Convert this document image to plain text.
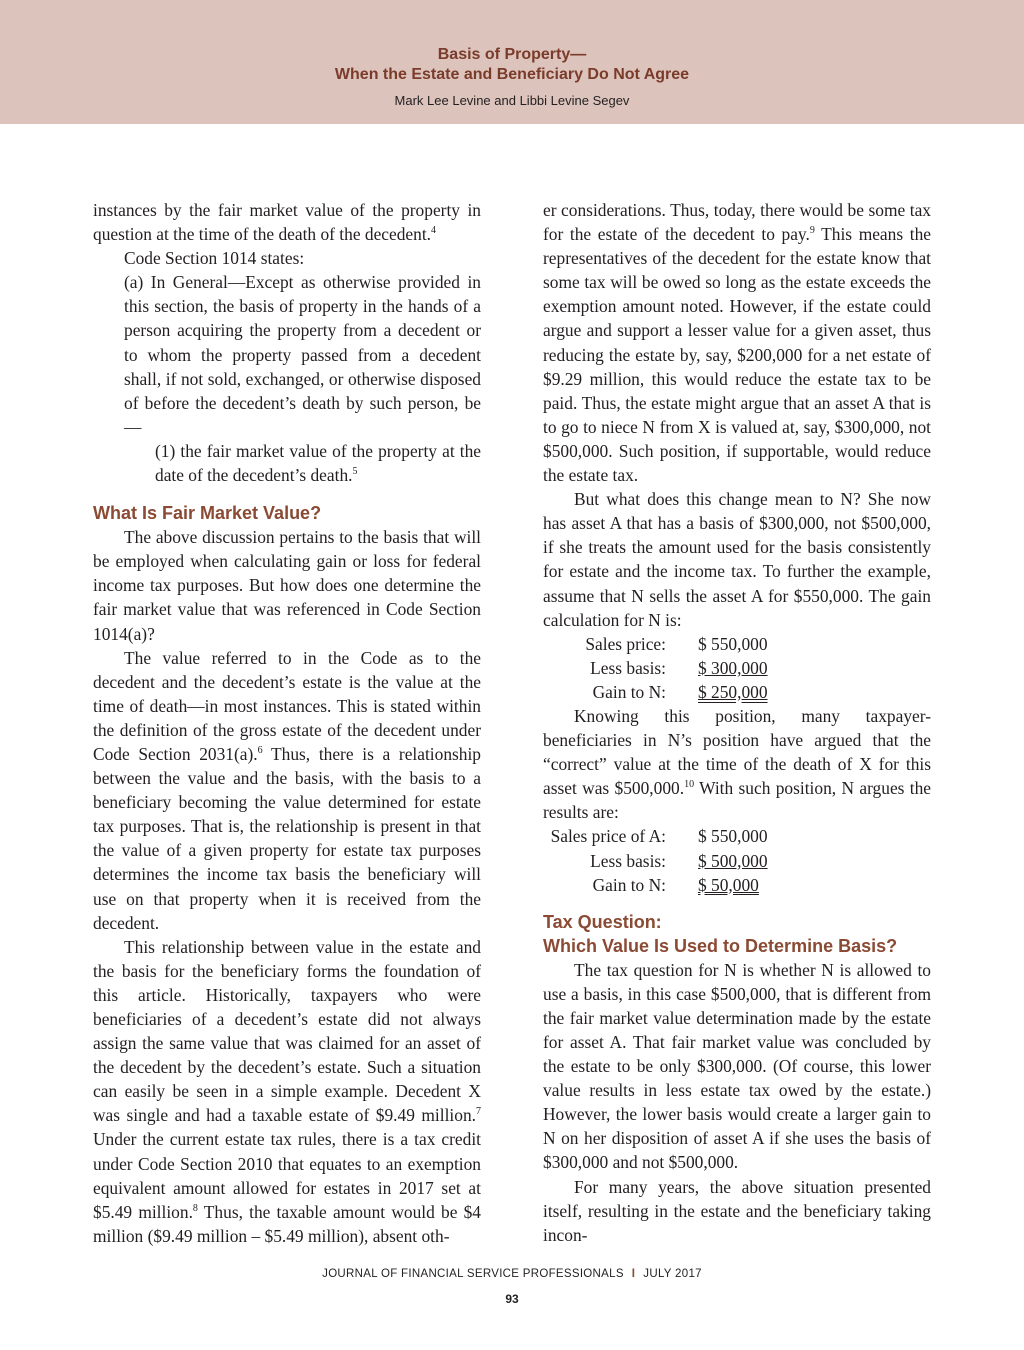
Basis of Property—
When the Estate and Beneficiary Do Not Agree
Mark Lee Levine and Libbi Levine Segev

instances by the fair market value of the property in question at the time of the death of the decedent.$^4$

Code Section 1014 states:

(a) In General—Except as otherwise provided in this section, the basis of property in the hands of a person acquiring the property from a decedent or to whom the property passed from a decedent shall, if not sold, exchanged, or otherwise disposed of before the decedent’s death by such person, be—

(1) the fair market value of the property at the date of the decedent’s death.$^5$

What Is Fair Market Value?

The above discussion pertains to the basis that will be employed when calculating gain or loss for federal income tax purposes. But how does one determine the fair market value that was referenced in Code Section 1014(a)?

The value referred to in the Code as to the decedent and the decedent’s estate is the value at the time of death—in most instances. This is stated within the definition of the gross estate of the decedent under Code Section 2031(a).$^6$ Thus, there is a relationship between the value and the basis, with the basis to a beneficiary becoming the value determined for estate tax purposes. That is, the relationship is present in that the value of a given property for estate tax purposes determines the income tax basis the beneficiary will use on that property when it is received from the decedent.

This relationship between value in the estate and the basis for the beneficiary forms the foundation of this article. Historically, taxpayers who were beneficiaries of a decedent’s estate did not always assign the same value that was claimed for an asset of the decedent by the decedent’s estate. Such a situation can easily be seen in a simple example. Decedent X was single and had a taxable estate of $9.49 million.$^7$ Under the current estate tax rules, there is a tax credit under Code Section 2010 that equates to an exemption equivalent amount allowed for estates in 2017 set at $5.49 million.$^8$ Thus, the taxable amount would be $4 million ($9.49 million – $5.49 million), absent oth-

er considerations. Thus, today, there would be some tax for the estate of the decedent to pay.$^9$ This means the representatives of the decedent for the estate know that some tax will be owed so long as the estate exceeds the exemption amount noted. However, if the estate could argue and support a lesser value for a given asset, thus reducing the estate by, say, $200,000 for a net estate of $9.29 million, this would reduce the estate tax to be paid. Thus, the estate might argue that an asset A that is to go to niece N from X is valued at, say, $300,000, not $500,000. Such position, if supportable, would reduce the estate tax.

But what does this change mean to N? She now has asset A that has a basis of $300,000, not $500,000, if she treats the amount used for the basis consistently for estate and the income tax. To further the example, assume that N sells the asset A for $550,000. The gain calculation for N is:

Sales price:	$ 550,000
Less basis:	$ 300,000
Gain to N:	$ 250,000

Knowing this position, many taxpayer-beneficiaries in N’s position have argued that the “correct” value at the time of the death of X for this asset was $500,000.10 With such position, N argues the results are:

Sales price of A:	$ 550,000
Less basis:	$ 500,000
Gain to N:	$ 50,000
Tax Question:
Which Value Is Used to Determine Basis?

The tax question for N is whether N is allowed to use a basis, in this case $500,000, that is different from the fair market value determination made by the estate for asset A. That fair market value was concluded by the estate to be only $300,000. (Of course, this lower value results in less estate tax owed by the estate.) However, the lower basis would create a larger gain to N on her disposition of asset A if she uses the basis of $300,000 and not $500,000.

For many years, the above situation presented itself, resulting in the estate and the beneficiary taking incon-

JOURNAL OF FINANCIAL SERVICE PROFESSIONALS I JULY 2017
93
